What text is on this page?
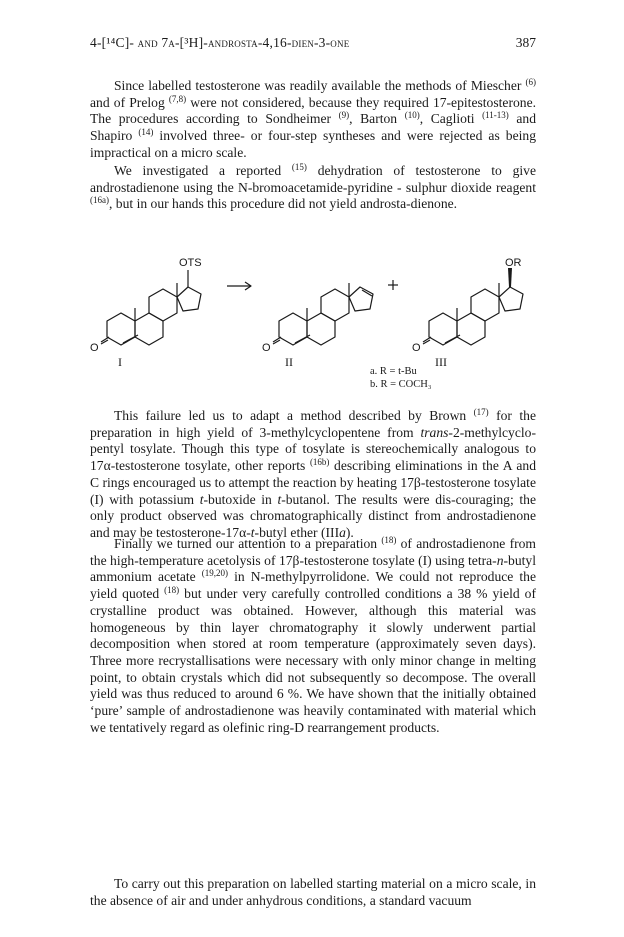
4-[¹⁴C]- and 7α-[³H]-androsta-4,16-dien-3-one	387

Since labelled testosterone was readily available the methods of Miescher $^{(6)}$ and of Prelog $^{(7,8)}$ were not considered, because they required 17-epitestosterone. The procedures according to Sondheimer $^{(9)}$, Barton $^{(10)}$, Caglioti $^{(11-13)}$ and Shapiro $^{(14)}$ involved three- or four-step syntheses and were rejected as being impractical on a micro scale.

We investigated a reported $^{(15)}$ dehydration of testosterone to give androstadienone using the N-bromoacetamide-pyridine - sulphur dioxide reagent $^{(16a)}$, but in our hands this procedure did not yield androsta-dienone.

OTS
O	O	O
OR
I	II	III
a. R = t-Bu
b. R = COCH₃

This failure led us to adapt a method described by Brown $^{(17)}$ for the preparation in high yield of 3-methylcyclopentene from trans-2-methylcyclo-pentyl tosylate. Though this type of tosylate is stereochemically analogous to 17α-testosterone tosylate, other reports $^{(16b)}$ describing eliminations in the A and C rings encouraged us to attempt the reaction by heating 17β-testosterone tosylate (I) with potassium t-butoxide in t-butanol. The results were dis-couraging; the only product observed was chromatographically distinct from androstadienone and may be testosterone-17α-t-butyl ether (IIIa).

Finally we turned our attention to a preparation $^{(18)}$ of androstadienone from the high-temperature acetolysis of 17β-testosterone tosylate (I) using tetra-n-butyl ammonium acetate $^{(19,20)}$ in N-methylpyrrolidone. We could not reproduce the yield quoted $^{(18)}$ but under very carefully controlled conditions a 38 % yield of crystalline product was obtained. However, although this material was homogeneous by thin layer chromatography it slowly underwent partial decomposition when stored at room temperature (approximately seven days). Three more recrystallisations were necessary with only minor change in melting point, to obtain crystals which did not subsequently so decompose. The overall yield was thus reduced to around 6 %. We have shown that the initially obtained ‘pure’ sample of androstadienone was heavily contaminated with material which we tentatively regard as olefinic ring-D rearrangement products.

To carry out this preparation on labelled starting material on a micro scale, in the absence of air and under anhydrous conditions, a standard vacuum
